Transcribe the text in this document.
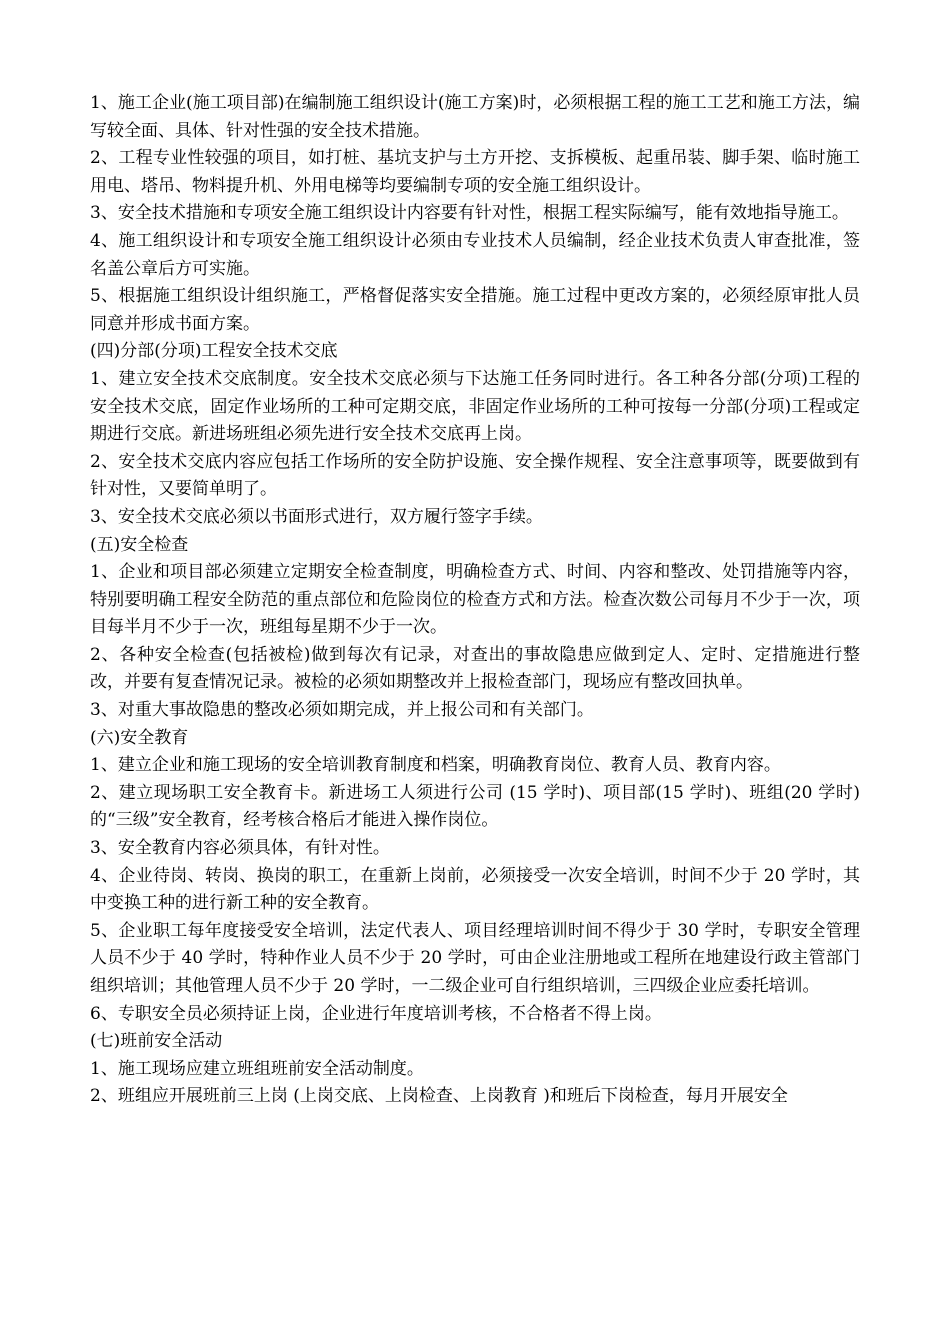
1、施工企业(施工项目部)在编制施工组织设计(施工方案)时，必须根据工程的施工工艺和施工方法，编写较全面、具体、针对性强的安全技术措施。

2、工程专业性较强的项目，如打桩、基坑支护与土方开挖、支拆模板、起重吊装、脚手架、临时施工用电、塔吊、物料提升机、外用电梯等均要编制专项的安全施工组织设计。

3、安全技术措施和专项安全施工组织设计内容要有针对性，根据工程实际编写，能有效地指导施工。

4、施工组织设计和专项安全施工组织设计必须由专业技术人员编制，经企业技术负责人审查批准，签名盖公章后方可实施。

5、根据施工组织设计组织施工，严格督促落实安全措施。施工过程中更改方案的，必须经原审批人员同意并形成书面方案。

(四)分部(分项)工程安全技术交底

1、建立安全技术交底制度。安全技术交底必须与下达施工任务同时进行。各工种各分部(分项)工程的安全技术交底，固定作业场所的工种可定期交底，非固定作业场所的工种可按每一分部(分项)工程或定期进行交底。新进场班组必须先进行安全技术交底再上岗。

2、安全技术交底内容应包括工作场所的安全防护设施、安全操作规程、安全注意事项等，既要做到有针对性，又要简单明了。

3、安全技术交底必须以书面形式进行，双方履行签字手续。

(五)安全检查

1、企业和项目部必须建立定期安全检查制度，明确检查方式、时间、内容和整改、处罚措施等内容，特别要明确工程安全防范的重点部位和危险岗位的检查方式和方法。检查次数公司每月不少于一次，项目每半月不少于一次，班组每星期不少于一次。

2、各种安全检查(包括被检)做到每次有记录，对查出的事故隐患应做到定人、定时、定措施进行整改，并要有复查情况记录。被检的必须如期整改并上报检查部门，现场应有整改回执单。

3、对重大事故隐患的整改必须如期完成，并上报公司和有关部门。

(六)安全教育

1、建立企业和施工现场的安全培训教育制度和档案，明确教育岗位、教育人员、教育内容。

2、建立现场职工安全教育卡。新进场工人须进行公司 (15 学时)、项目部(15 学时)、班组(20 学时)的“三级”安全教育，经考核合格后才能进入操作岗位。

3、安全教育内容必须具体，有针对性。

4、企业待岗、转岗、换岗的职工，在重新上岗前，必须接受一次安全培训，时间不少于 20 学时，其中变换工种的进行新工种的安全教育。

5、企业职工每年度接受安全培训，法定代表人、项目经理培训时间不得少于 30 学时，专职安全管理人员不少于 40 学时，特种作业人员不少于 20 学时，可由企业注册地或工程所在地建设行政主管部门组织培训；其他管理人员不少于 20 学时，一二级企业可自行组织培训，三四级企业应委托培训。

6、专职安全员必须持证上岗，企业进行年度培训考核，不合格者不得上岗。

(七)班前安全活动

1、施工现场应建立班组班前安全活动制度。

2、班组应开展班前三上岗 (上岗交底、上岗检查、上岗教育 )和班后下岗检查，每月开展安全
